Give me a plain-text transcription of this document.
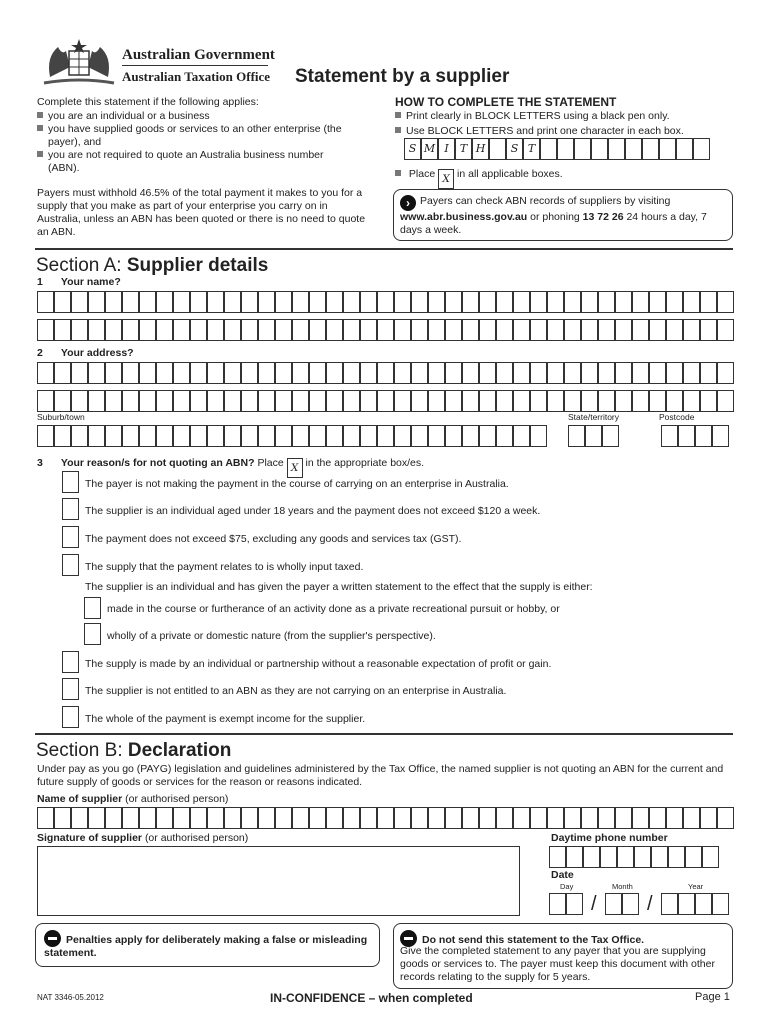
Australian Government
Australian Taxation Office Statement by a supplier
Complete this statement if the following applies:
you are an individual or a business
you have supplied goods or services to an other enterprise (the payer), and
you are not required to quote an Australia business number (ABN).
Payers must withhold 46.5% of the total payment it makes to you for a supply that you make as part of your enterprise you carry on in Australia, unless an ABN has been quoted or there is no need to quote an ABN.
HOW TO COMPLETE THE STATEMENT
Print clearly in BLOCK LETTERS using a black pen only.
Use BLOCK LETTERS and print one character in each box.
S M I	T H	S T
Place X in all applicable boxes.
› Payers can check ABN records of suppliers by visiting www.abr.business.gov.au or phoning 13 72 26 24 hours a day, 7 days a week.
Section A: Supplier details
1 Your name?
2 Your address?
Suburb/town	State/territory	Postcode
3 Your reason/s for not quoting an ABN? Place X in the appropriate box/es.
The payer is not making the payment in the course of carrying on an enterprise in Australia.
The supplier is an individual aged under 18 years and the payment does not exceed $120 a week.
The payment does not exceed $75, excluding any goods and services tax (GST).
The supply that the payment relates to is wholly input taxed.
The supplier is an individual and has given the payer a written statement to the effect that the supply is either:
made in the course or furtherance of an activity done as a private recreational pursuit or hobby, or
wholly of a private or domestic nature (from the supplier's perspective).
The supply is made by an individual or partnership without a reasonable expectation of profit or gain.
The supplier is not entitled to an ABN as they are not carrying on an enterprise in Australia.
The whole of the payment is exempt income for the supplier.
Section B: Declaration
Under pay as you go (PAYG) legislation and guidelines administered by the Tax Office, the named supplier is not quoting an ABN for the current and future supply of goods or services for the reason or reasons indicated.
Name of supplier (or authorised person)
Signature of supplier (or authorised person)	Daytime phone number
Date
Day	Month	Year
/	/
Penalties apply for deliberately making a false or misleading statement.
Do not send this statement to the Tax Office.
Give the completed statement to any payer that you are supplying goods or services to. The payer must keep this document with other records relating to the supply for 5 years.
NAT 3346-05.2012	IN-CONFIDENCE – when completed	Page 1
